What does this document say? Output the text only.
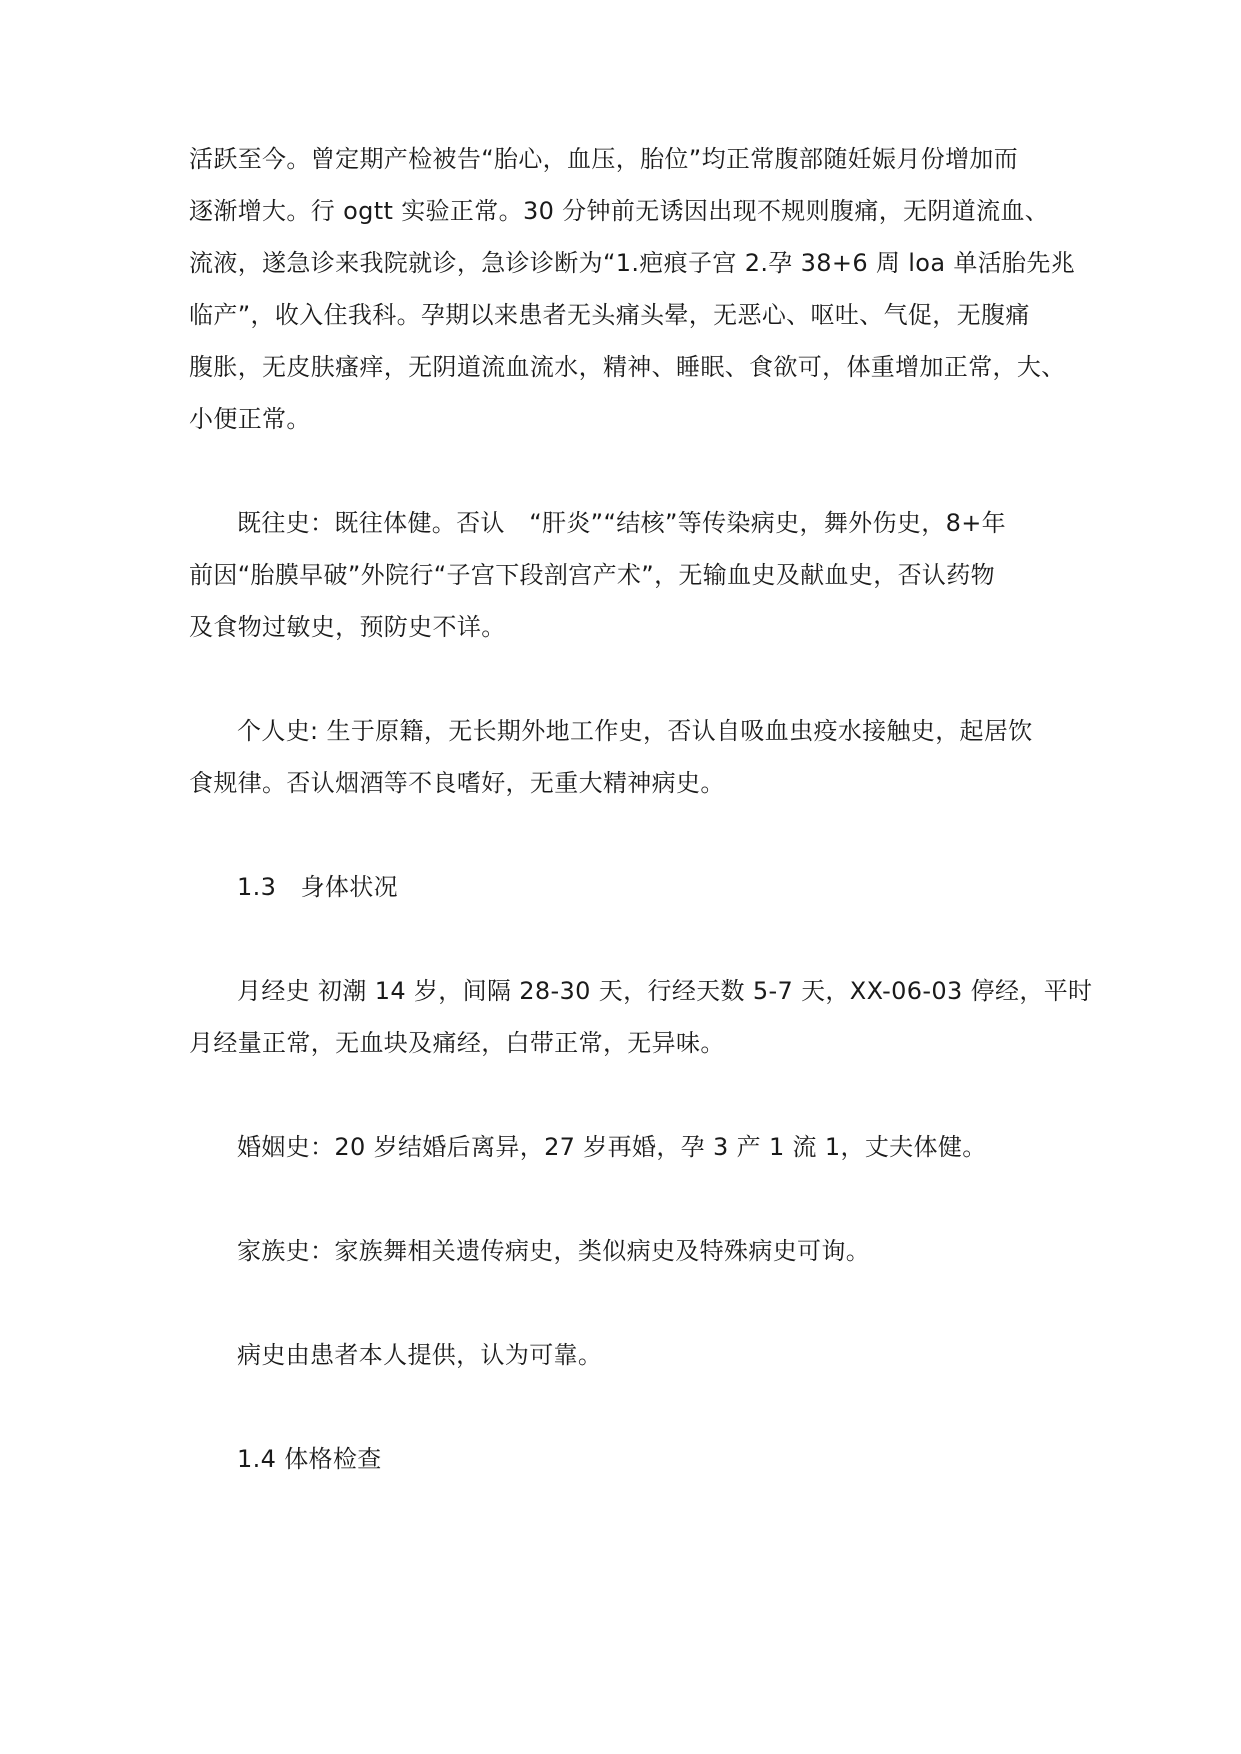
活跃至今。曾定期产检被告“胎心，血压，胎位”均正常腹部随妊娠月份增加而
逐渐增大。行 ogtt 实验正常。30 分钟前无诱因出现不规则腹痛，无阴道流血、
流液，遂急诊来我院就诊，急诊诊断为“1.疤痕子宫 2.孕 38+6 周 loa 单活胎先兆
临产”，收入住我科。孕期以来患者无头痛头晕，无恶心、呕吐、气促，无腹痛
腹胀，无皮肤瘙痒，无阴道流血流水，精神、睡眠、食欲可，体重增加正常，大、
小便正常。
既往史：既往体健。否认　“肝炎”“结核”等传染病史，舞外伤史，8+年
前因“胎膜早破”外院行“子宫下段剖宫产术”，无输血史及献血史，否认药物
及食物过敏史，预防史不详。
个人史: 生于原籍，无长期外地工作史，否认自吸血虫疫水接触史，起居饮
食规律。否认烟酒等不良嗜好，无重大精神病史。
1.3　身体状况
月经史 初潮 14 岁，间隔 28-30 天，行经天数 5-7 天，XX-06-03 停经，平时
月经量正常，无血块及痛经，白带正常，无异味。
婚姻史：20 岁结婚后离异，27 岁再婚，孕 3 产 1 流 1，丈夫体健。
家族史：家族舞相关遗传病史，类似病史及特殊病史可询。
病史由患者本人提供，认为可靠。
1.4 体格检查
